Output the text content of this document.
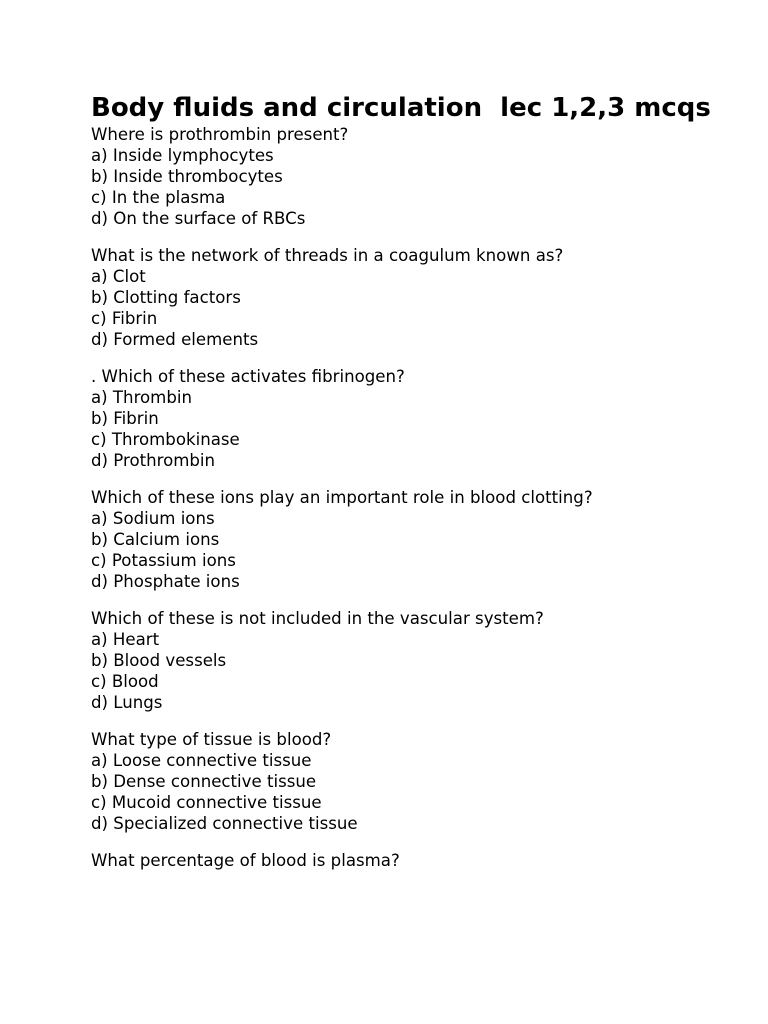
Body fluids and circulation  lec 1,2,3 mcqs
Where is prothrombin present?
a) Inside lymphocytes
b) Inside thrombocytes
c) In the plasma
d) On the surface of RBCs
What is the network of threads in a coagulum known as?
a) Clot
b) Clotting factors
c) Fibrin
d) Formed elements
. Which of these activates fibrinogen?
a) Thrombin
b) Fibrin
c) Thrombokinase
d) Prothrombin
Which of these ions play an important role in blood clotting?
a) Sodium ions
b) Calcium ions
c) Potassium ions
d) Phosphate ions
Which of these is not included in the vascular system?
a) Heart
b) Blood vessels
c) Blood
d) Lungs
What type of tissue is blood?
a) Loose connective tissue
b) Dense connective tissue
c) Mucoid connective tissue
d) Specialized connective tissue
What percentage of blood is plasma?
